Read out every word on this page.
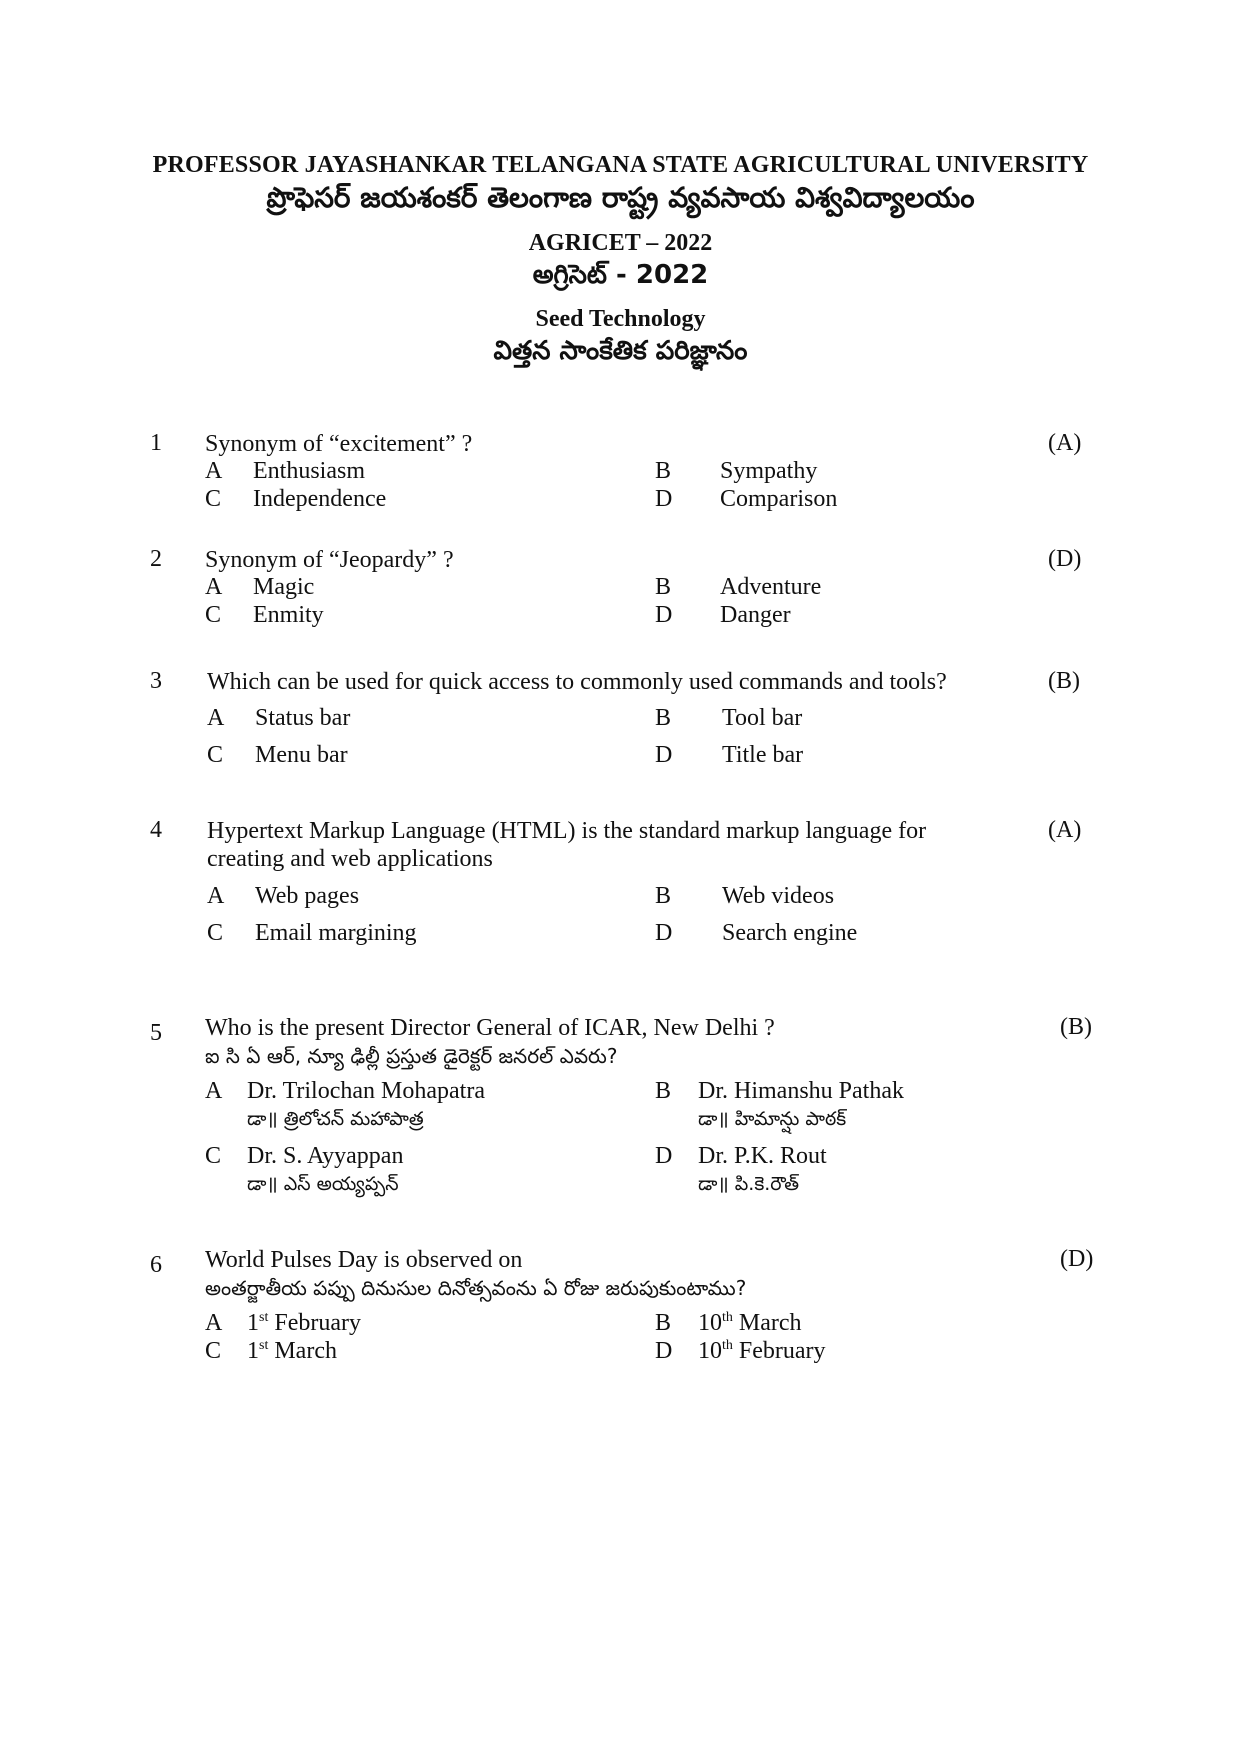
PROFESSOR JAYASHANKAR TELANGANA STATE AGRICULTURAL UNIVERSITY
ప్రొఫెసర్ జయశంకర్ తెలంగాణ రాష్ట్ర వ్యవసాయ విశ్వవిద్యాలయం
AGRICET – 2022
అగ్రిసెట్ - 2022
Seed Technology
విత్తన సాంకేతిక పరిజ్ఞానం
1 Synonym of “excitement” ?	(A)
A Enthusiasm	B Sympathy
C Independence	D Comparison
2 Synonym of “Jeopardy” ?	(D)
A Magic	B Adventure
C Enmity	D Danger
3 Which can be used for quick access to commonly used commands and tools?	(B)
A Status bar	B Tool bar
C Menu bar	D Title bar
4 Hypertext Markup Language (HTML) is the standard markup language for creating and web applications
(A)
A Web pages	B Web videos
C Email margining	D Search engine
5 Who is the present Director General of ICAR, New Delhi ?
ఐ సి ఏ ఆర్, న్యూ ఢిల్లీ ప్రస్తుత డైరెక్టర్ జనరల్ ఎవరు?
(B)
A Dr. Trilochan Mohapatra
డా॥ త్రిలోచన్ మహాపాత్ర
B Dr. Himanshu Pathak
డా॥ హిమాన్షు పాఠక్
C Dr. S. Ayyappan
డా॥ ఎస్ అయ్యప్పన్
D Dr. P.K. Rout
డా॥ పి.కె.రౌత్
6 World Pulses Day is observed on
అంతర్జాతీయ పప్పు దినుసుల దినోత్సవంను ఏ రోజు జరుపుకుంటాము?
(D)
A 1st February	B 10th March
C 1st March	D 10th February
